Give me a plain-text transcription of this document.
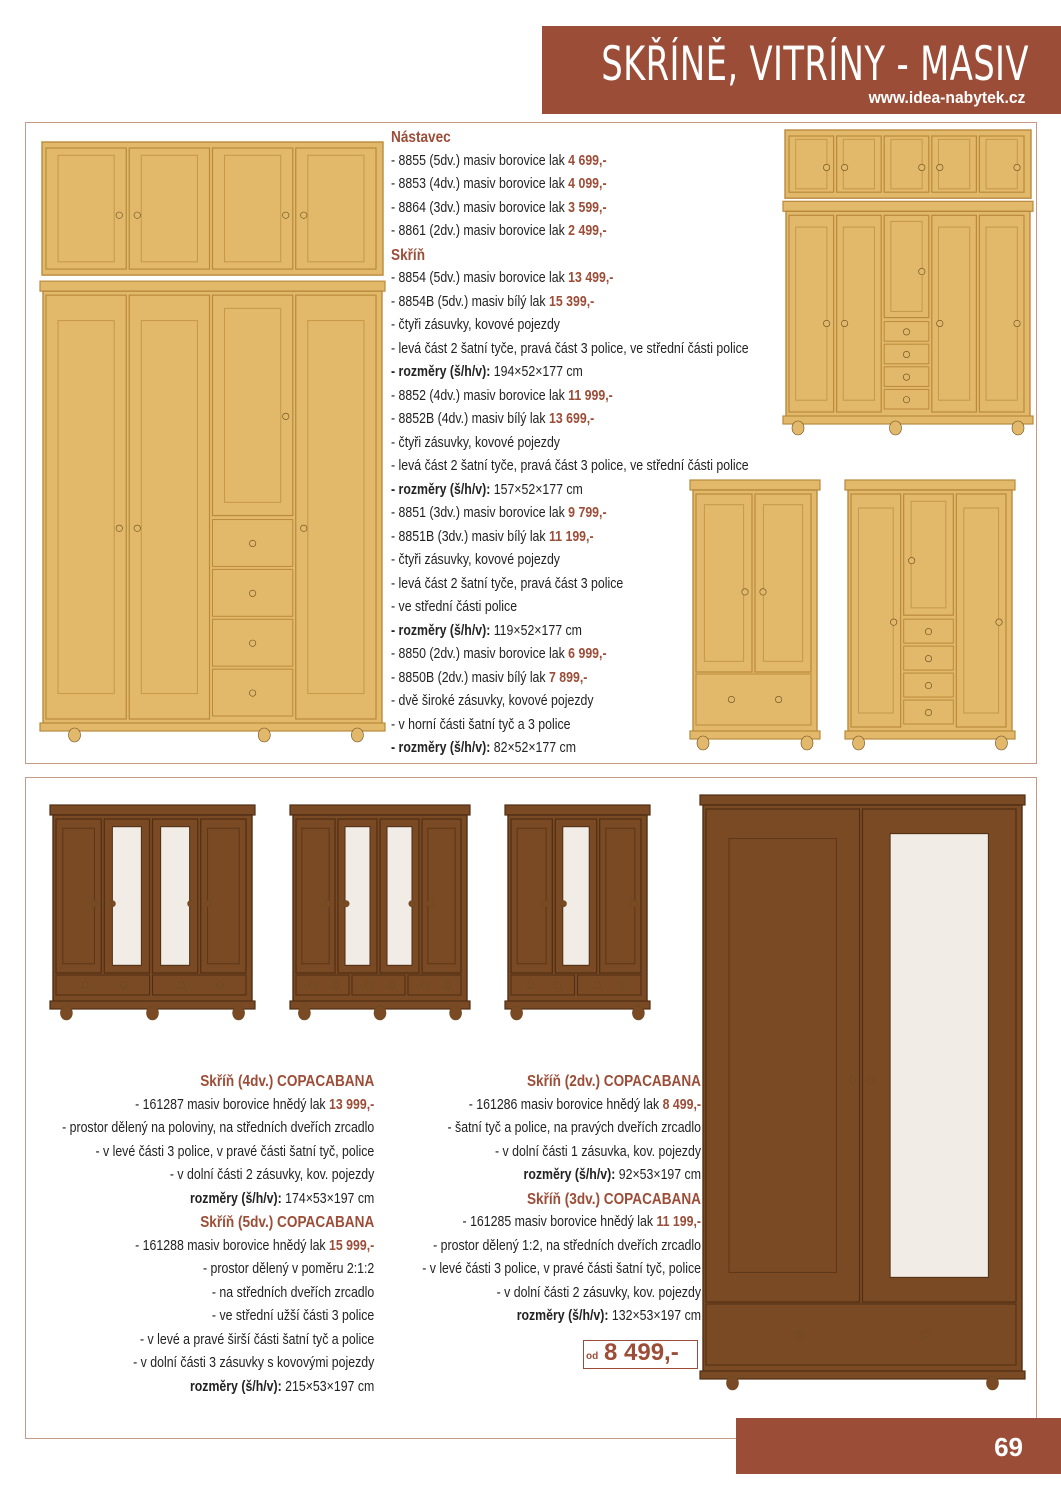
SKŘÍNĚ, VITRÍNY - MASIV
www.idea-nabytek.cz
Nástavec
- 8855 (5dv.) masiv borovice lak 4 699,-
- 8853 (4dv.) masiv borovice lak 4 099,-
- 8864 (3dv.) masiv borovice lak 3 599,-
- 8861 (2dv.) masiv borovice lak 2 499,-
Skříň
- 8854 (5dv.) masiv borovice lak 13 499,-
- 8854B (5dv.) masiv bílý lak 15 399,-
- čtyři zásuvky, kovové pojezdy
- levá část 2 šatní tyče, pravá část 3 police, ve střední části police
- rozměry (š/h/v): 194×52×177 cm
- 8852 (4dv.) masiv borovice lak 11 999,-
- 8852B (4dv.) masiv bílý lak 13 699,-
- čtyři zásuvky, kovové pojezdy
- levá část 2 šatní tyče, pravá část 3 police, ve střední části police
- rozměry (š/h/v): 157×52×177 cm
- 8851 (3dv.) masiv borovice lak 9 799,-
- 8851B (3dv.) masiv bílý lak 11 199,-
- čtyři zásuvky, kovové pojezdy
- levá část 2 šatní tyče, pravá část 3 police
- ve střední části police
- rozměry (š/h/v): 119×52×177 cm
- 8850 (2dv.) masiv borovice lak 6 999,-
- 8850B (2dv.) masiv bílý lak 7 899,-
- dvě široké zásuvky, kovové pojezdy
- v horní části šatní tyč a 3 police
- rozměry (š/h/v): 82×52×177 cm
Skříň (4dv.) COPACABANA
- 161287 masiv borovice hnědý lak 13 999,-
- prostor dělený na poloviny, na středních dveřích zrcadlo
- v levé části 3 police, v pravé části šatní tyč, police
- v dolní části 2 zásuvky, kov. pojezdy
rozměry (š/h/v): 174×53×197 cm
Skříň (5dv.) COPACABANA
- 161288 masiv borovice hnědý lak 15 999,-
- prostor dělený v poměru 2:1:2
- na středních dveřích zrcadlo
- ve střední užší části 3 police
- v levé a pravé širší části šatní tyč a police
- v dolní části 3 zásuvky s kovovými pojezdy
rozměry (š/h/v): 215×53×197 cm
Skříň (2dv.) COPACABANA
- 161286 masiv borovice hnědý lak 8 499,-
- šatní tyč a police, na pravých dveřích zrcadlo
- v dolní části 1 zásuvka, kov. pojezdy
rozměry (š/h/v): 92×53×197 cm
Skříň (3dv.) COPACABANA
- 161285 masiv borovice hnědý lak 11 199,-
- prostor dělený 1:2, na středních dveřích zrcadlo
- v levé části 3 police, v pravé části šatní tyč, police
- v dolní části 2 zásuvky, kov. pojezdy
rozměry (š/h/v): 132×53×197 cm
od 8 499,-
69
